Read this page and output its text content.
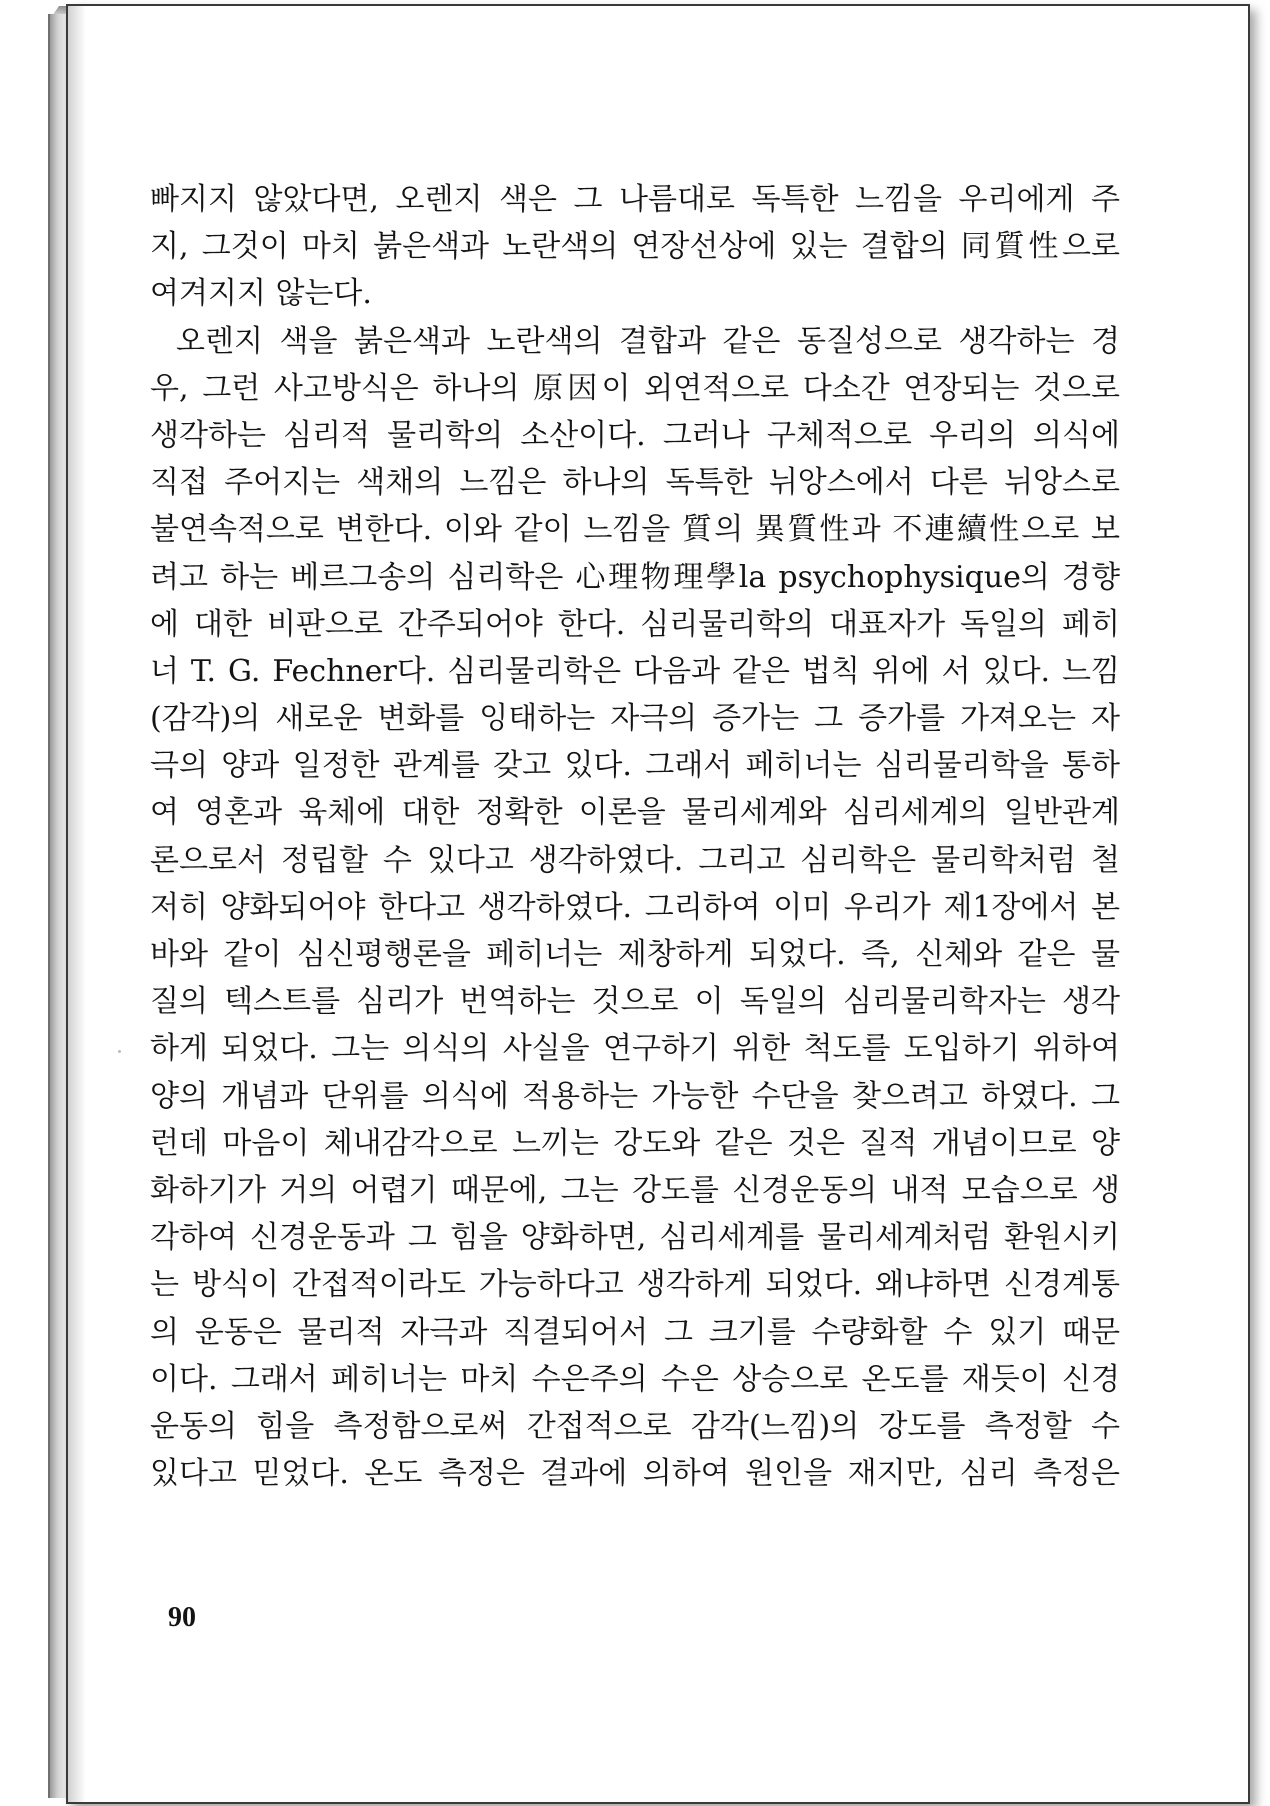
빠지지 않았다면, 오렌지 색은 그 나름대로 독특한 느낌을 우리에게 주
지, 그것이 마치 붉은색과 노란색의 연장선상에 있는 결합의 同質性으로
여겨지지 않는다.
오렌지 색을 붉은색과 노란색의 결합과 같은 동질성으로 생각하는 경
우, 그런 사고방식은 하나의 原因이 외연적으로 다소간 연장되는 것으로
생각하는 심리적 물리학의 소산이다. 그러나 구체적으로 우리의 의식에
직접 주어지는 색채의 느낌은 하나의 독특한 뉘앙스에서 다른 뉘앙스로
불연속적으로 변한다. 이와 같이 느낌을 質의 異質性과 不連續性으로 보
려고 하는 베르그송의 심리학은 心理物理學la psychophysique의 경향
에 대한 비판으로 간주되어야 한다. 심리물리학의 대표자가 독일의 페히
너 T. G. Fechner다. 심리물리학은 다음과 같은 법칙 위에 서 있다. 느낌
(감각)의 새로운 변화를 잉태하는 자극의 증가는 그 증가를 가져오는 자
극의 양과 일정한 관계를 갖고 있다. 그래서 페히너는 심리물리학을 통하
여 영혼과 육체에 대한 정확한 이론을 물리세계와 심리세계의 일반관계
론으로서 정립할 수 있다고 생각하였다. 그리고 심리학은 물리학처럼 철
저히 양화되어야 한다고 생각하였다. 그리하여 이미 우리가 제1장에서 본
바와 같이 심신평행론을 페히너는 제창하게 되었다. 즉, 신체와 같은 물
질의 텍스트를 심리가 번역하는 것으로 이 독일의 심리물리학자는 생각
하게 되었다. 그는 의식의 사실을 연구하기 위한 척도를 도입하기 위하여
양의 개념과 단위를 의식에 적용하는 가능한 수단을 찾으려고 하였다. 그
런데 마음이 체내감각으로 느끼는 강도와 같은 것은 질적 개념이므로 양
화하기가 거의 어렵기 때문에, 그는 강도를 신경운동의 내적 모습으로 생
각하여 신경운동과 그 힘을 양화하면, 심리세계를 물리세계처럼 환원시키
는 방식이 간접적이라도 가능하다고 생각하게 되었다. 왜냐하면 신경계통
의 운동은 물리적 자극과 직결되어서 그 크기를 수량화할 수 있기 때문
이다. 그래서 페히너는 마치 수은주의 수은 상승으로 온도를 재듯이 신경
운동의 힘을 측정함으로써 간접적으로 감각(느낌)의 강도를 측정할 수
있다고 믿었다. 온도 측정은 결과에 의하여 원인을 재지만, 심리 측정은
90
